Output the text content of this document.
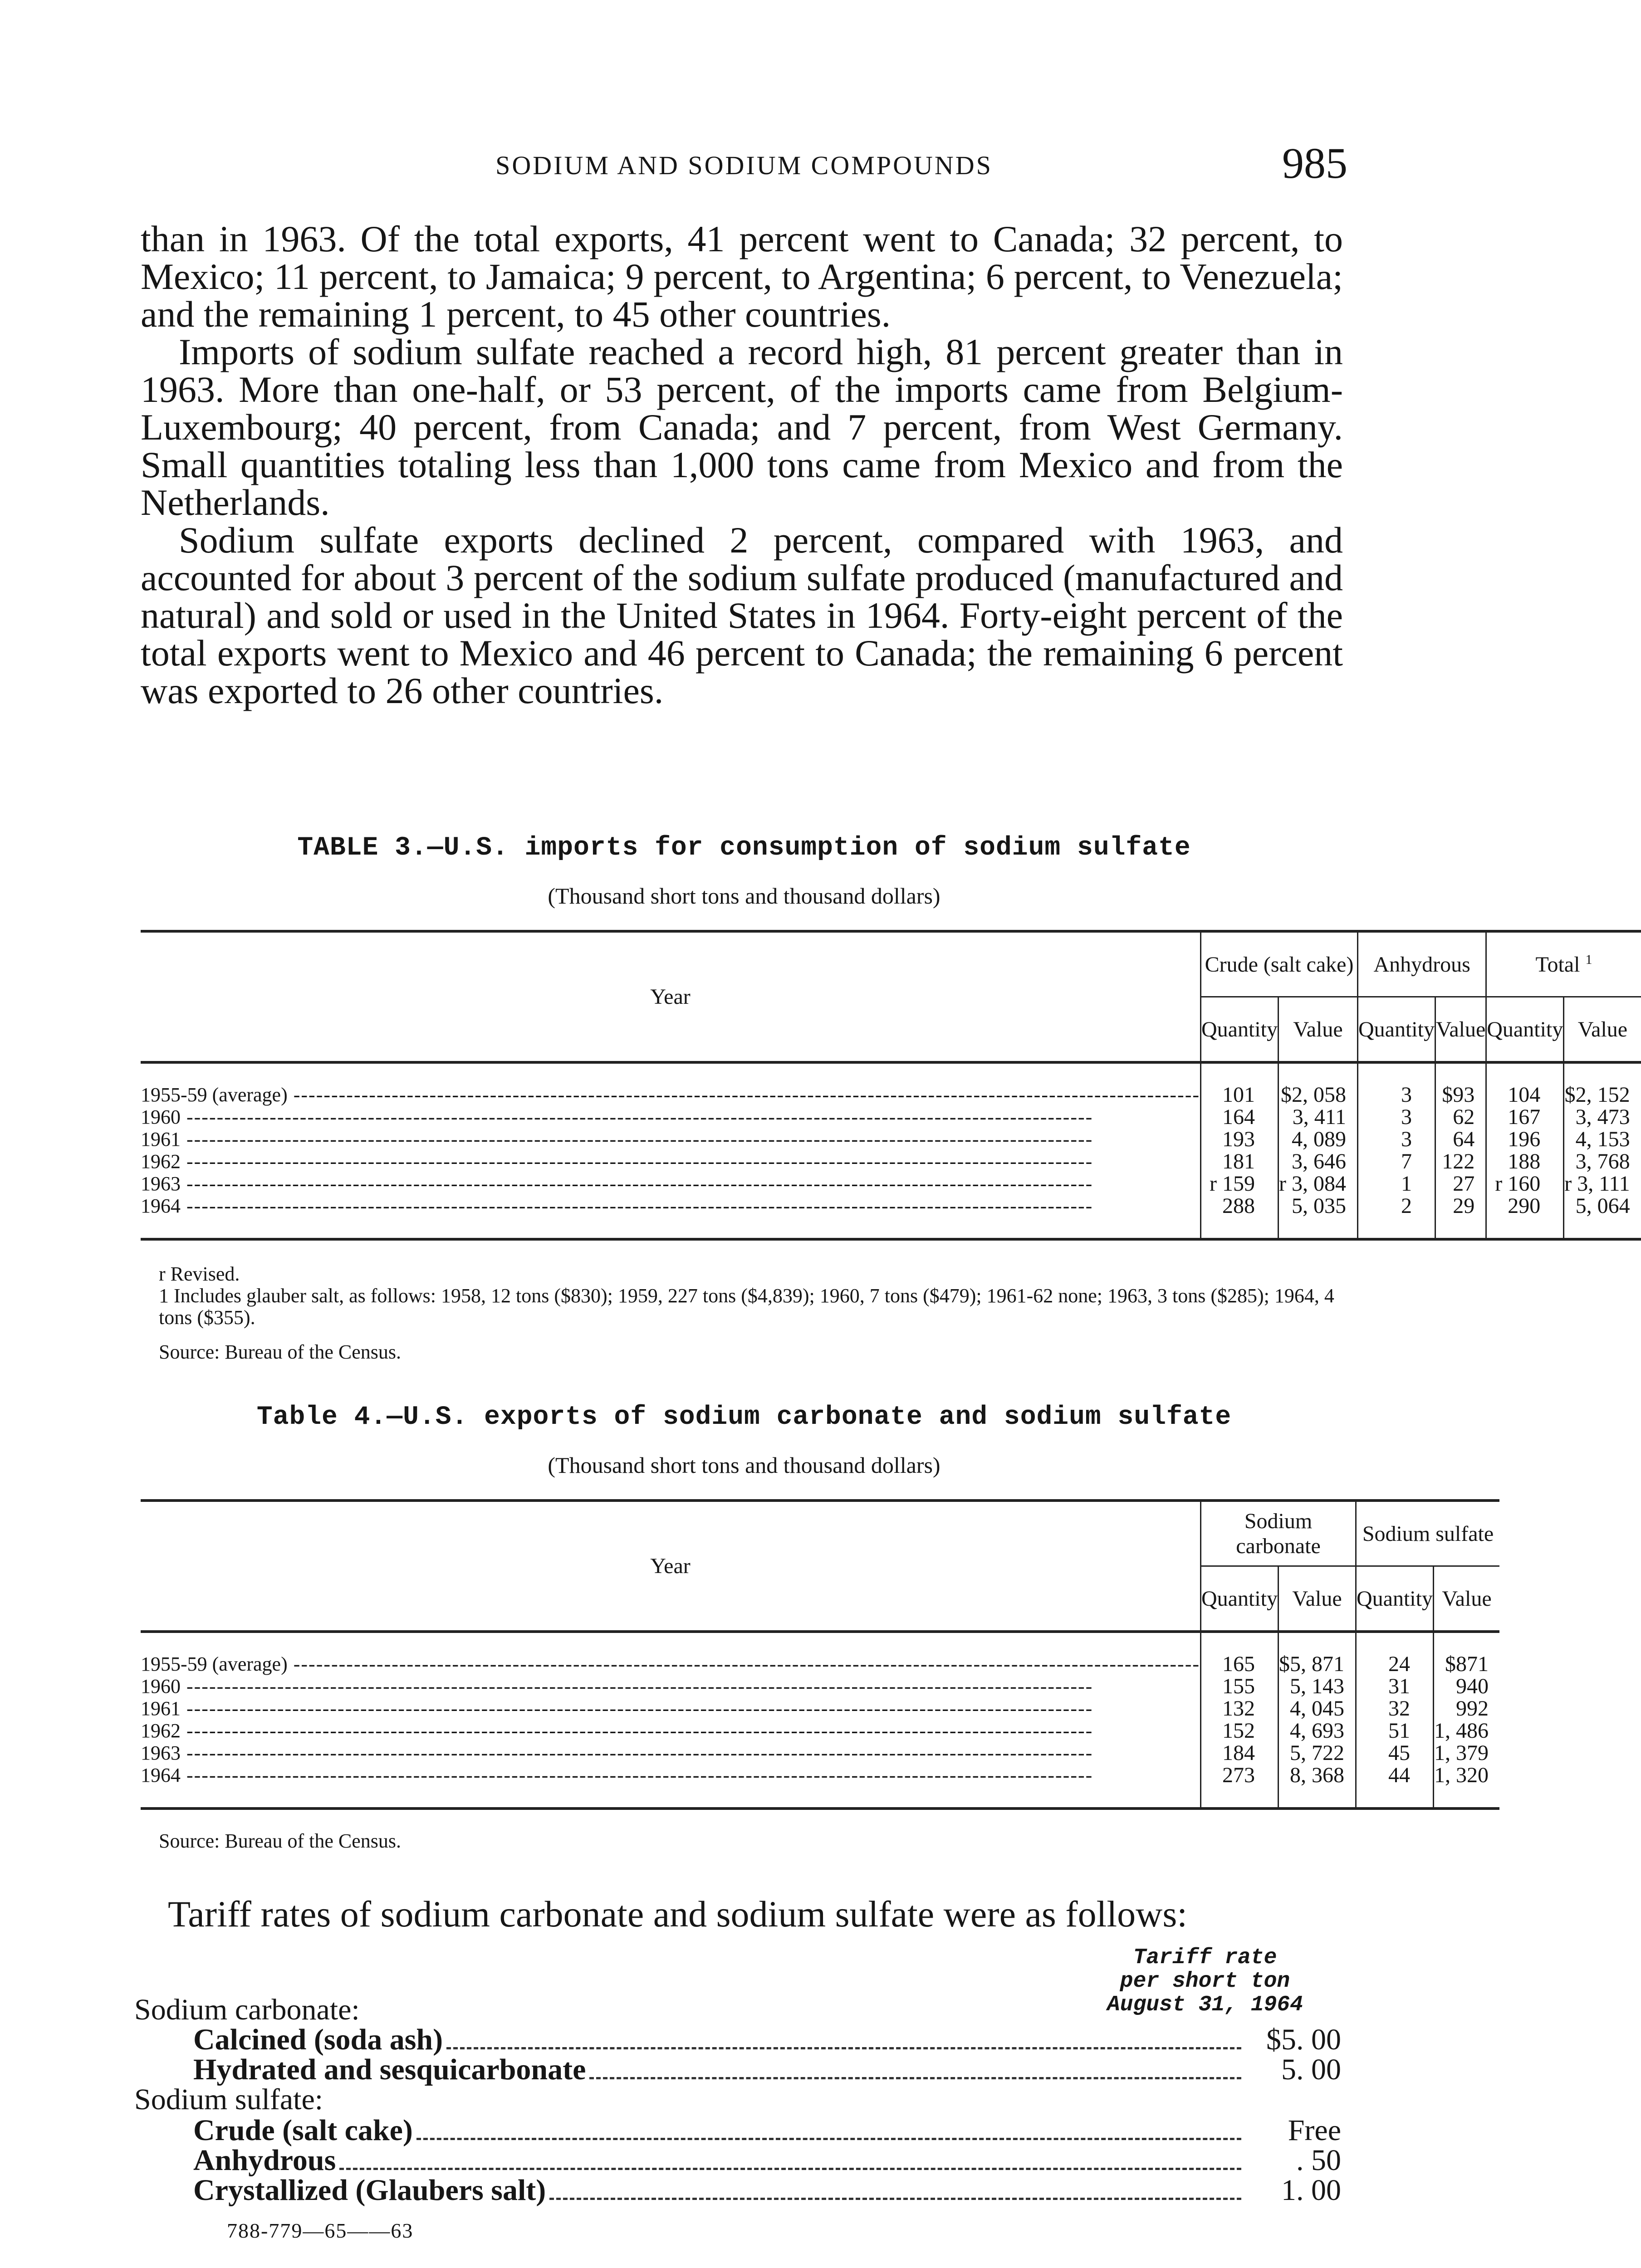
SODIUM AND SODIUM COMPOUNDS	985

than in 1963. Of the total exports, 41 percent went to Canada; 32 percent, to Mexico; 11 percent, to Jamaica; 9 percent, to Argentina; 6 percent, to Venezuela; and the remaining 1 percent, to 45 other countries.

Imports of sodium sulfate reached a record high, 81 percent greater than in 1963. More than one-half, or 53 percent, of the imports came from Belgium-Luxembourg; 40 percent, from Canada; and 7 percent, from West Germany. Small quantities totaling less than 1,000 tons came from Mexico and from the Netherlands.

Sodium sulfate exports declined 2 percent, compared with 1963, and accounted for about 3 percent of the sodium sulfate produced (manufactured and natural) and sold or used in the United States in 1964. Forty-eight percent of the total exports went to Mexico and 46 percent to Canada; the remaining 6 percent was exported to 26 other countries.

TABLE 3.—U.S. imports for consumption of sodium sulfate
(Thousand short tons and thousand dollars)
Year	Crude (salt cake)		Anhydrous		Total $^1$
	Quantity	Value	Quantity	Value	Quantity	Value
1955-59 (average) ------------------------------------------------------------------------------------------------------------------------	101	$2, 058	3	$93	104	$2, 152
1960 ------------------------------------------------------------------------------------------------------------------------	164	3, 411	3	62	167	3, 473
1961 ------------------------------------------------------------------------------------------------------------------------	193	4, 089	3	64	196	4, 153
1962 ------------------------------------------------------------------------------------------------------------------------	181	3, 646	7	122	188	3, 768
1963 ------------------------------------------------------------------------------------------------------------------------	r 159	r 3, 084	1	27	r 160	r 3, 111
1964 ------------------------------------------------------------------------------------------------------------------------	288	5, 035	2	29	290	5, 064
r Revised.
1 Includes glauber salt, as follows: 1958, 12 tons ($830); 1959, 227 tons ($4,839); 1960, 7 tons ($479); 1961-62 none; 1963, 3 tons ($285); 1964, 4 tons ($355).
Source: Bureau of the Census.
Table 4.—U.S. exports of sodium carbonate and sodium sulfate
(Thousand short tons and thousand dollars)
Year	Sodium carbonate		Sodium sulfate	
	Quantity	Value	Quantity	Value
1955-59 (average) ------------------------------------------------------------------------------------------------------------------------	165	$5, 871	24	$871
1960 ------------------------------------------------------------------------------------------------------------------------	155	5, 143	31	940
1961 ------------------------------------------------------------------------------------------------------------------------	132	4, 045	32	992
1962 ------------------------------------------------------------------------------------------------------------------------	152	4, 693	51	1, 486
1963 ------------------------------------------------------------------------------------------------------------------------	184	5, 722	45	1, 379
1964 ------------------------------------------------------------------------------------------------------------------------	273	8, 368	44	1, 320
Source: Bureau of the Census.
Tariff rates of sodium carbonate and sodium sulfate were as follows:
Tariff rate
per short ton
August 31, 1964
Sodium carbonate:
Calcined (soda ash)	$5. 00
Hydrated and sesquicarbonate	5. 00
Sodium sulfate:
Crude (salt cake)	Free
Anhydrous	. 50
Crystallized (Glaubers salt)	1. 00
788-779—65——63
